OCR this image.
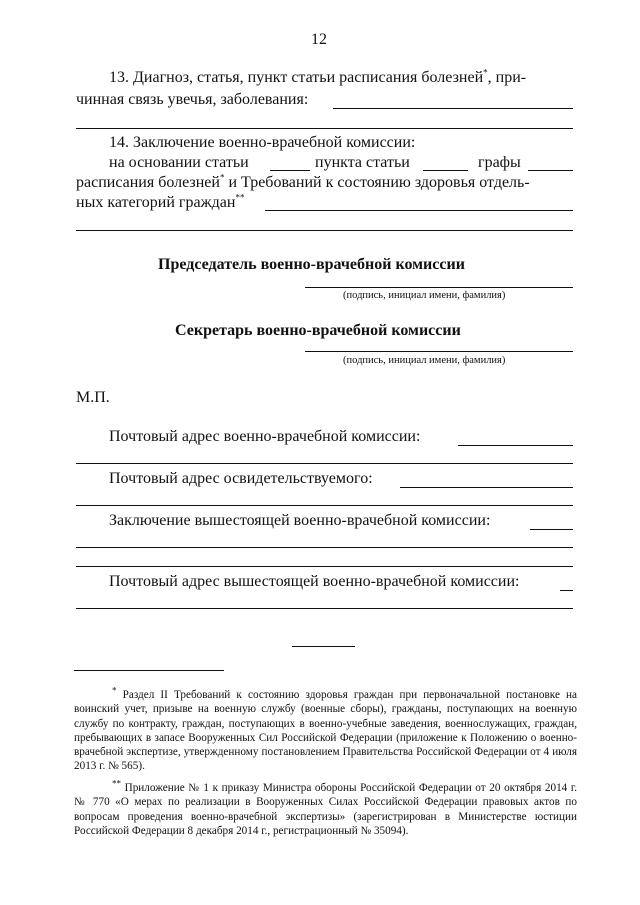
12
13. Диагноз, статья, пункт статьи расписания болезней*, при-
чинная связь увечья, заболевания:
14. Заключение военно-врачебной комиссии:
на основании статьи	пункта статьи	графы
расписания болезней* и Требований к состоянию здоровья отдель-
ных категорий граждан**
Председатель военно-врачебной комиссии
(подпись, инициал имени, фамилия)
Секретарь военно-врачебной комиссии
(подпись, инициал имени, фамилия)
М.П.
Почтовый адрес военно-врачебной комиссии:
Почтовый адрес освидетельствуемого:
Заключение вышестоящей военно-врачебной комиссии:
Почтовый адрес вышестоящей военно-врачебной комиссии:
* Раздел II Требований к состоянию здоровья граждан при первоначальной постановке на воинский учет, призыве на военную службу (военные сборы), гражданы, поступающих на военную службу по контракту, граждан, поступающих в военно-учебные заведения, военнослужащих, граждан, пребывающих в запасе Вооруженных Сил Российской Федерации (приложение к Положению о военно-врачебной экспертизе, утвержденному постановлением Правительства Российской Федерации от 4 июля 2013 г. № 565).
** Приложение № 1 к приказу Министра обороны Российской Федерации от 20 октября 2014 г. № 770 «О мерах по реализации в Вооруженных Силах Российской Федерации правовых актов по вопросам проведения военно-врачебной экспертизы» (зарегистрирован в Министерстве юстиции Российской Федерации 8 декабря 2014 г., регистрационный № 35094).
